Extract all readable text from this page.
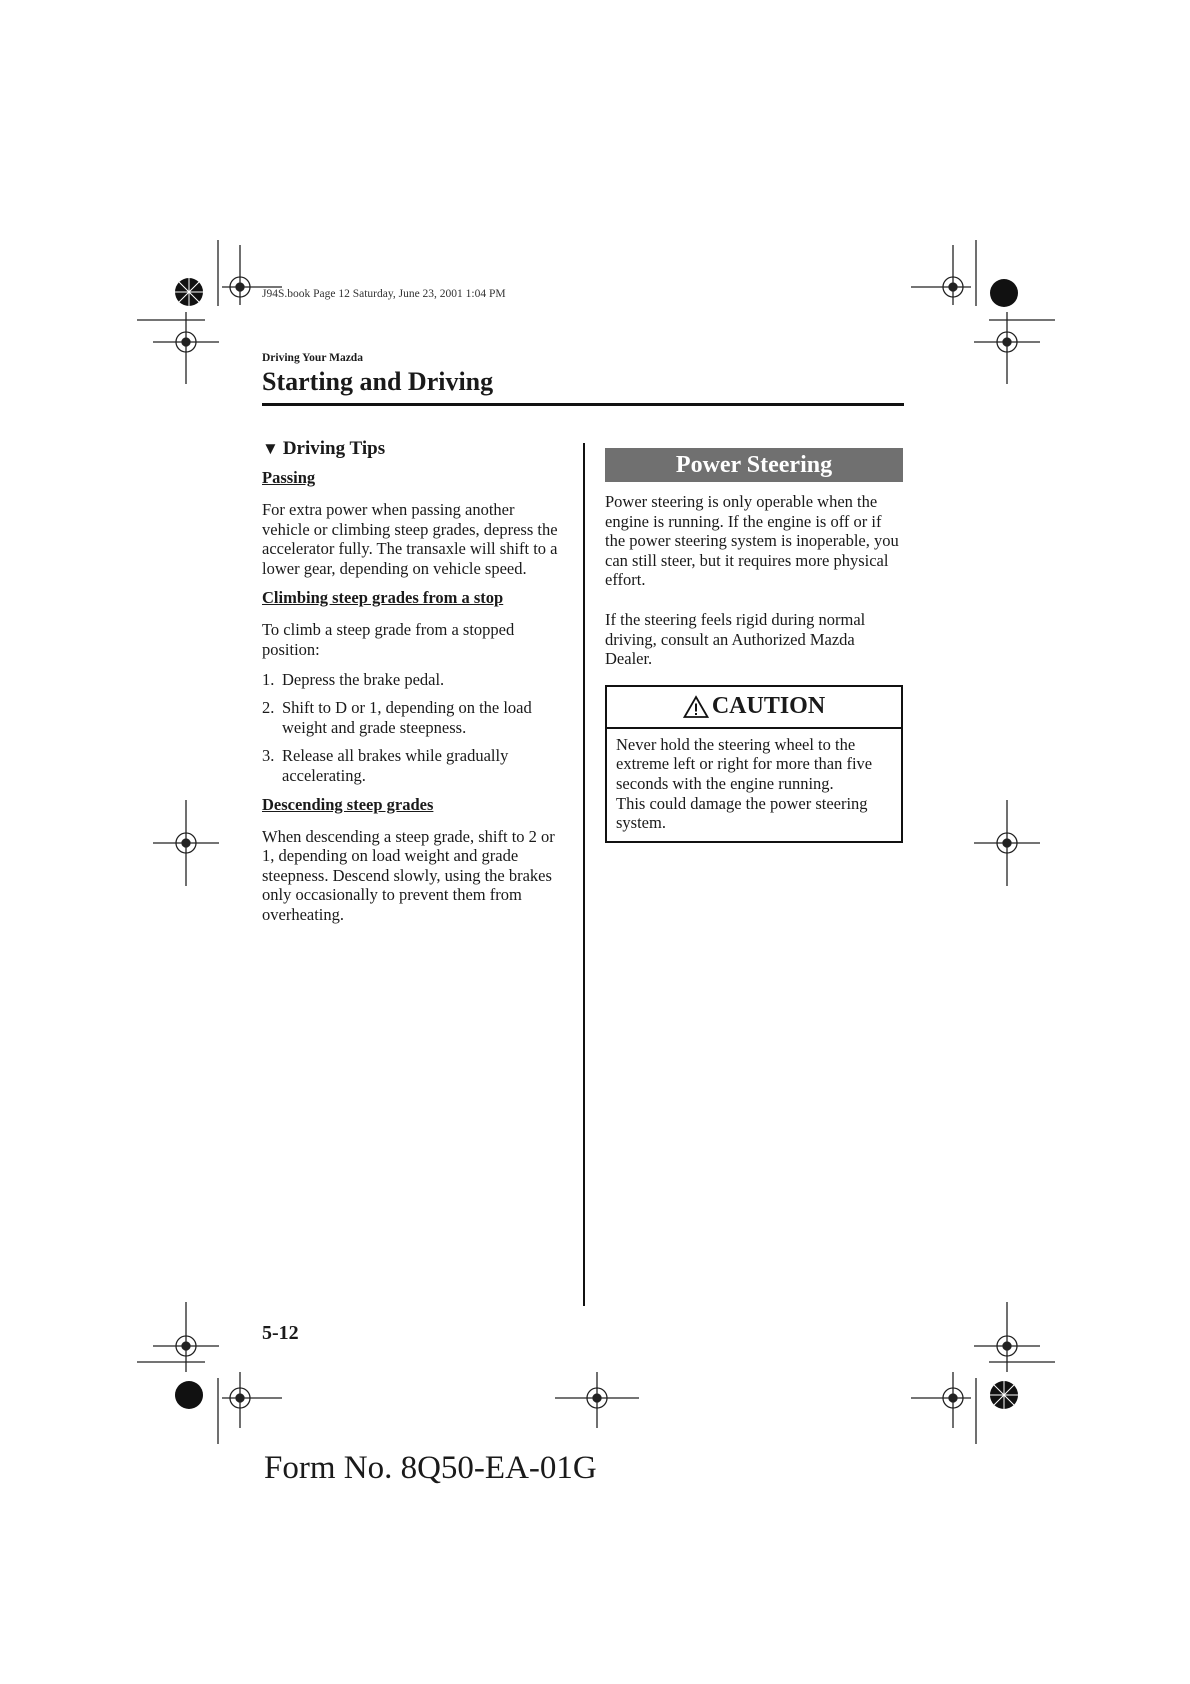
J94S.book Page 12 Saturday, June 23, 2001 1:04 PM
Driving Your Mazda
Starting and Driving
▼ Driving Tips
Passing

For extra power when passing another vehicle or climbing steep grades, depress the accelerator fully. The transaxle will shift to a lower gear, depending on vehicle speed.

Climbing steep grades from a stop

To climb a steep grade from a stopped position:

1. Depress the brake pedal.
2. Shift to D or 1, depending on the load weight and grade steepness.
3. Release all brakes while gradually accelerating.
Descending steep grades

When descending a steep grade, shift to 2 or 1, depending on load weight and grade steepness. Descend slowly, using the brakes only occasionally to prevent them from overheating.

Power Steering

Power steering is only operable when the engine is running. If the engine is off or if the power steering system is inoperable, you can still steer, but it requires more physical effort.

If the steering feels rigid during normal driving, consult an Authorized Mazda Dealer.

CAUTION
Never hold the steering wheel to the extreme left or right for more than five seconds with the engine running.
This could damage the power steering system.
5-12
Form No. 8Q50-EA-01G
